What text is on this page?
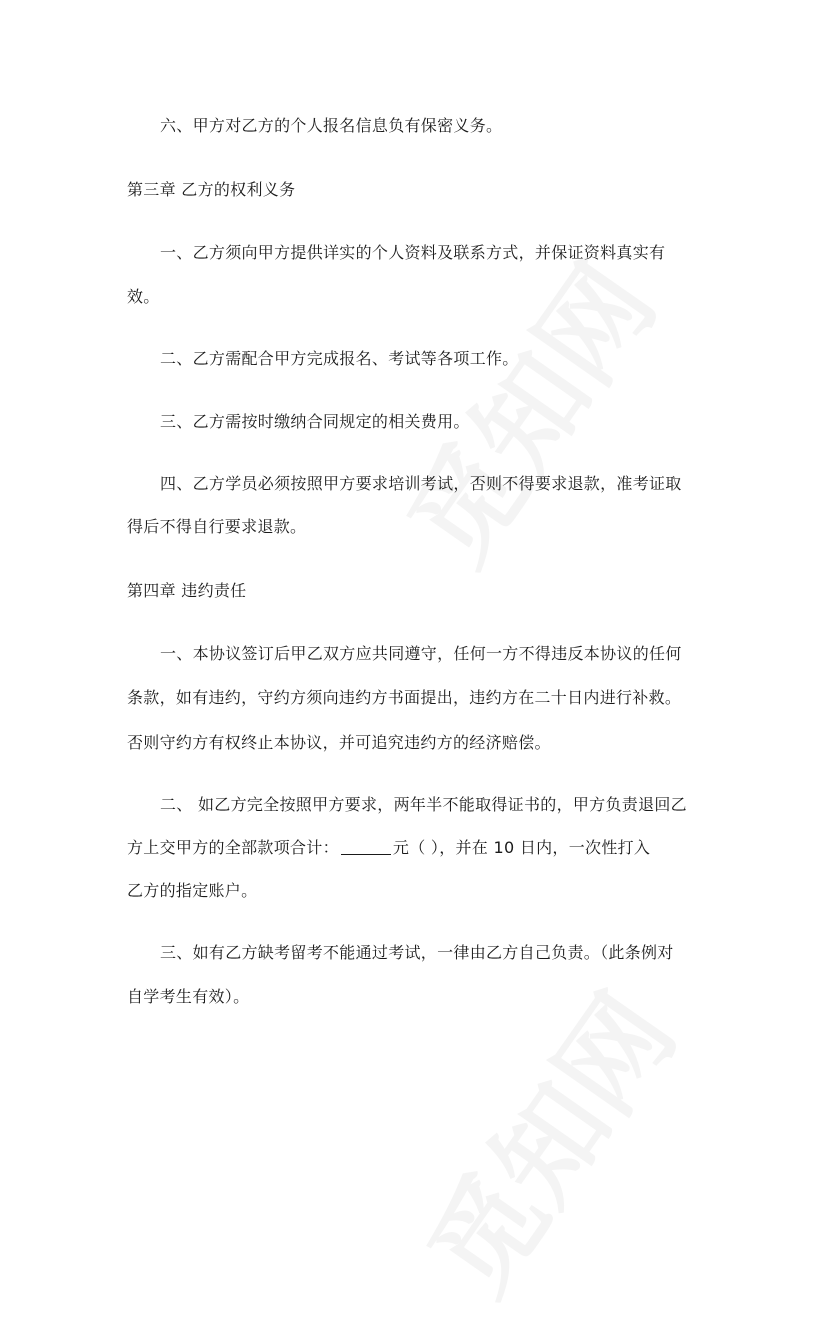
六、甲方对乙方的个人报名信息负有保密义务。
第三章 乙方的权利义务
一、乙方须向甲方提供详实的个人资料及联系方式，并保证资料真实有
效。
二、乙方需配合甲方完成报名、考试等各项工作。
三、乙方需按时缴纳合同规定的相关费用。
四、乙方学员必须按照甲方要求培训考试，否则不得要求退款，准考证取
得后不得自行要求退款。
第四章 违约责任
一、本协议签订后甲乙双方应共同遵守，任何一方不得违反本协议的任何
条款，如有违约，守约方须向违约方书面提出，违约方在二十日内进行补救。
否则守约方有权终止本协议，并可追究违约方的经济赔偿。
二、 如乙方完全按照甲方要求，两年半不能取得证书的，甲方负责退回乙
方上交甲方的全部款项合计：	元（ ），并在 10 日内，一次性打入
乙方的指定账户。
三、如有乙方缺考留考不能通过考试，一律由乙方自己负责。（此条例对
自学考生有效）。
